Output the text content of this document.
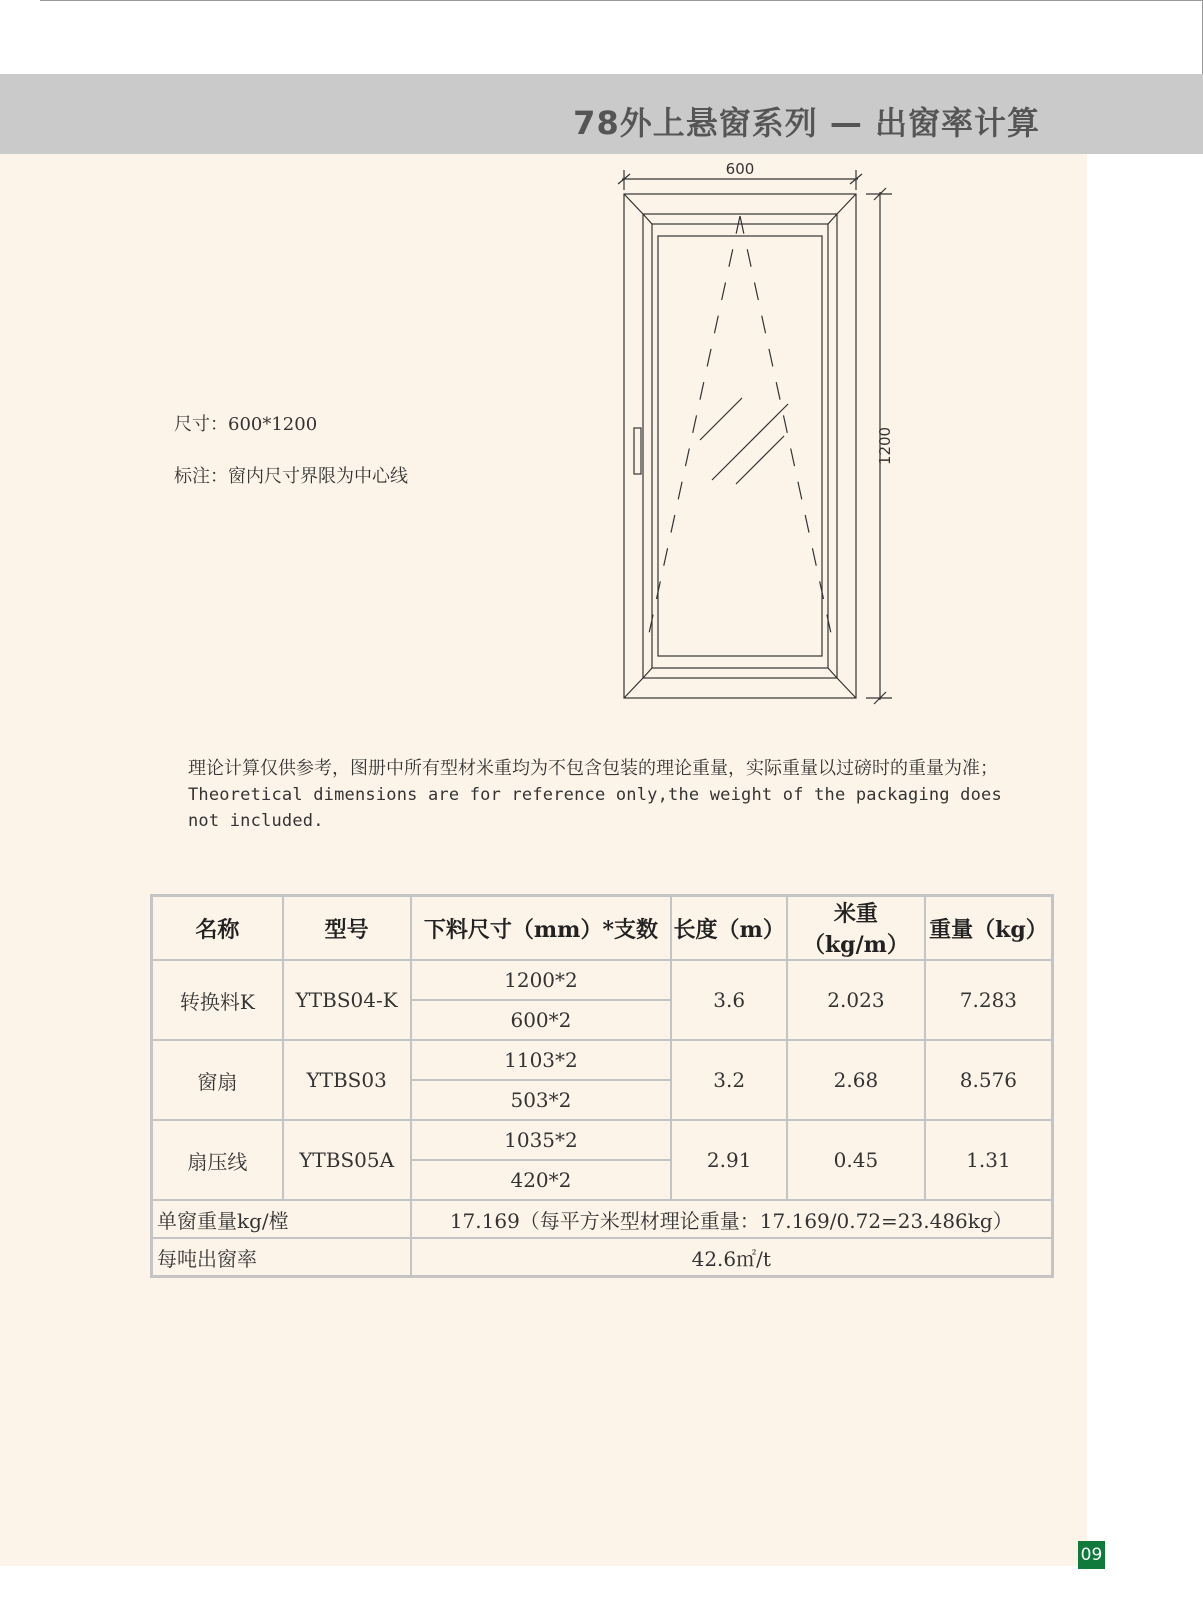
78外上悬窗系列 — 出窗率计算
600
1200
尺寸：600*1200
标注：窗内尺寸界限为中心线
理论计算仅供参考，图册中所有型材米重均为不包含包装的理论重量，实际重量以过磅时的重量为准；
Theoretical dimensions are for reference only,the weight of the packaging does not included.
名称	型号	下料尺寸（mm）*支数	长度（m）	米重（kg/m）	重量（kg）
转换料K	YTBS04-K	1200*2	3.6	2.023	7.283
		600*2			
窗扇	YTBS03	1103*2	3.2	2.68	8.576
		503*2			
扇压线	YTBS05A	1035*2	2.91	0.45	1.31
		420*2			
单窗重量kg/樘		17.169（每平方米型材理论重量：17.169/0.72=23.486kg）			
每吨出窗率		42.6㎡/t			
09
